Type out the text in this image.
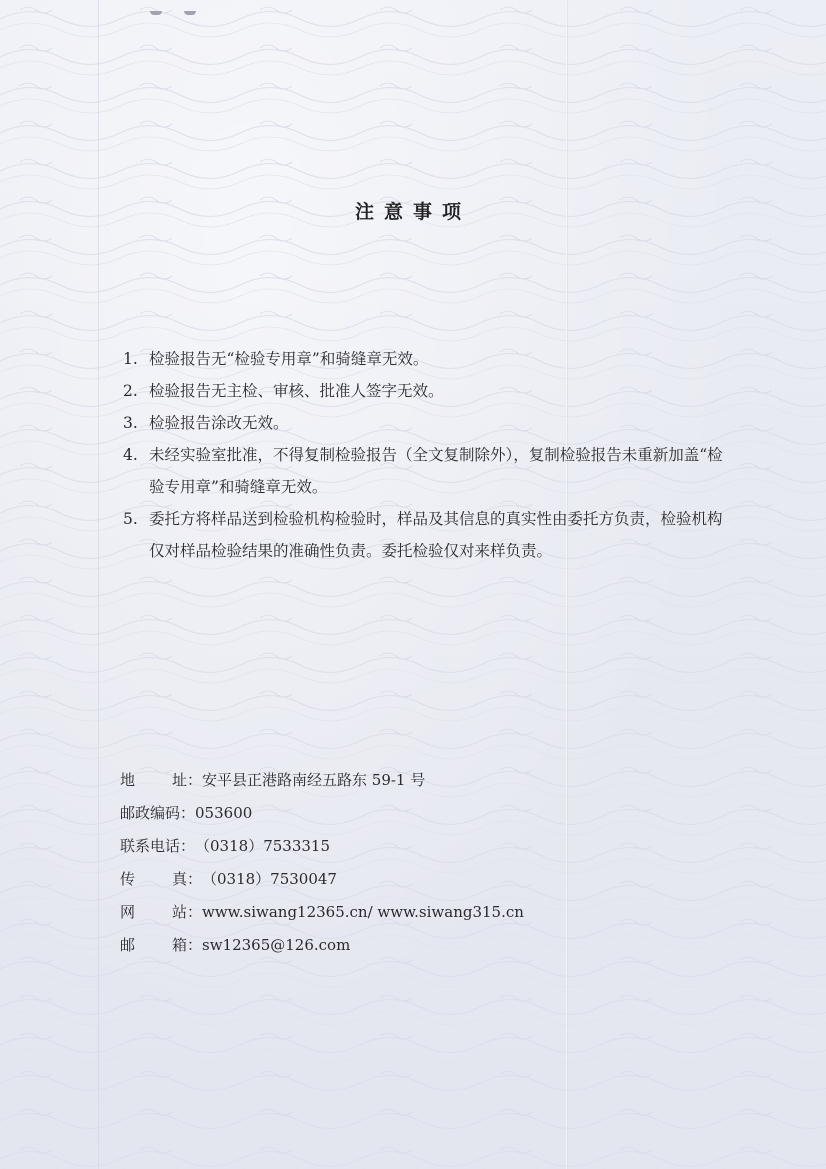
注意事项
1. 检验报告无“检验专用章”和骑缝章无效。
2. 检验报告无主检、审核、批准人签字无效。
3. 检验报告涂改无效。
4. 未经实验室批准，不得复制检验报告（全文复制除外），复制检验报告未重新加盖“检验专用章”和骑缝章无效。
5. 委托方将样品送到检验机构检验时，样品及其信息的真实性由委托方负责，检验机构仅对样品检验结果的准确性负责。委托检验仅对来样负责。
地 址： 安平县正港路南经五路东 59-1 号
邮政编码： 053600
联系电话： （0318）7533315
传 真： （0318）7530047
网 站： www.siwang12365.cn/ www.siwang315.cn
邮 箱： sw12365@126.com
